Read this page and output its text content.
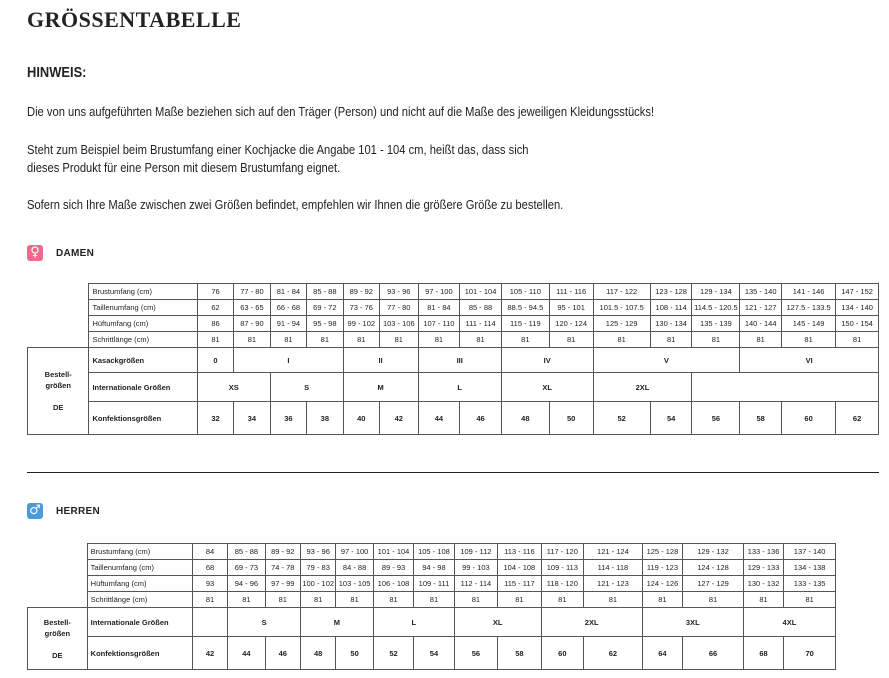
GRÖSSENTABELLE
HINWEIS:

Die von uns aufgeführten Maße beziehen sich auf den Träger (Person) und nicht auf die Maße des jeweiligen Kleidungsstücks!

Steht zum Beispiel beim Brustumfang einer Kochjacke die Angabe 101 - 104 cm, heißt das, dass sich

dieses Produkt für eine Person mit diesem Brustumfang eignet.

Sofern sich Ihre Maße zwischen zwei Größen befindet, empfehlen wir Ihnen die größere Größe zu bestellen.

♀	DAMEN
	Brustumfang (cm)	76	77 - 80	81 - 84	85 - 88	89 - 92	93 - 96	97 - 100	101 - 104	105 - 110	111 - 116	117 - 122	123 - 128	129 - 134	135 - 140	141 - 146	147 - 152
	Taillenumfang (cm)	62	63 - 65	66 - 68	69 - 72	73 - 76	77 - 80	81 - 84	85 - 88	88.5 - 94.5	95 - 101	101.5 - 107.5	108 - 114	114.5 - 120.5	121 - 127	127.5 - 133.5	134 - 140
	Hüftumfang (cm)	86	87 - 90	91 - 94	95 - 98	99 - 102	103 - 106	107 - 110	111 - 114	115 - 119	120 - 124	125 - 129	130 - 134	135 - 139	140 - 144	145 - 149	150 - 154
	Schrittlänge (cm)	81	81	81	81	81	81	81	81	81	81	81	81	81	81	81	81
Bestell-
größen

DE	Kasackgrößen	0	I			II		III		IV		V			VI		
	Internationale Größen	XS		S		M		L		XL		2XL					
	Konfektionsgrößen	32	34	36	38	40	42	44	46	48	50	52	54	56	58	60	62
♂ HERREN
	Brustumfang (cm)	84	85 - 88	89 - 92	93 - 96	97 - 100	101 - 104	105 - 108	109 - 112	113 - 116	117 - 120	121 - 124	125 - 128	129 - 132	133 - 136	137 - 140
	Taillenumfang (cm)	68	69 - 73	74 - 78	79 - 83	84 - 88	89 - 93	94 - 98	99 - 103	104 - 108	109 - 113	114 - 118	119 - 123	124 - 128	129 - 133	134 - 138
	Hüftumfang (cm)	93	94 - 96	97 - 99	100 - 102	103 - 105	106 - 108	109 - 111	112 - 114	115 - 117	118 - 120	121 - 123	124 - 126	127 - 129	130 - 132	133 - 135
	Schrittlänge (cm)	81	81	81	81	81	81	81	81	81	81	81	81	81	81	81
Bestell-
größen

DE	Internationale Größen		S		M		L		XL		2XL		3XL		4XL	
	Konfektionsgrößen	42	44	46	48	50	52	54	56	58	60	62	64	66	68	70
